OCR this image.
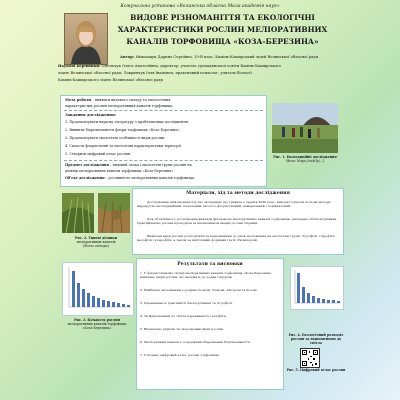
Комунальна установа «Волинська обласна Мала академія наук»
ВИДОВЕ РІЗНОМАНІТТЯ ТА ЕКОЛОГІЧНІ
ХАРАКТЕРИСТИКИ РОСЛИН МЕЛІОРАТИВНИХ
КАНАЛІВ ТОРФОВИЩА «КОЗА-БЕРЕЗИНА»
Автор: Миклащук Дарина Сергіївна, 10-В клас, Камінь-Каширський ліцей Волинської обласної ради
Наукові керівники: Омельчук Ольга Анатоліївна, директор, учитель громадянської освіти Камінь-Каширського
ліцею Волинської обласної ради; Лавринчук Ілля Іванович, практичний психолог, учитель біології
Камінь-Каширського ліцею Волинської обласної ради
Мета роботи – виявити видового складу та екологічних
характеристик рослин меліоративних каналів торфовища.
Завдання дослідження:
1. Проаналізувати наукову літературу з проблематики дослідження.
2. Виявити біорізноманіття флори торфовища «Коза-Березина».
3. Проаналізувати екологічні особливості видів рослин.
4. Скласти флористичні та екологічні характеристики території.
5. Створити цифровий атлас рослин.
Предмет дослідження – видовий склад і екологічні групи рослин на
ділянці меліоративних каналів торфовища «Коза-Березина».
Об'єкт дослідження – рослинність меліоративних каналів торфовища.
Рис. 1. Експедиційні дослідження
(Фото: https://cutt.ly/...)
Матеріали, хід та методи дослідження
Дослідження здійснювали під час експедиції, що тривала з серпня 2020 року, використовуючи польові методи: маршрутно-експедиційний, візуальний, еколого-флористичний, камеральний і порівняльний.
Для об'єктивного дослідження вивчали фітоценози меліоративних каналів торфовища, закладено облікові ділянки. Ідентифікацію рослин проводили за визначником вищих рослин України.
Виявлені види рослин розподіляли за відношенням до умов зволоження на екологічні групи: гігрофіти, гідрофіти, мезофіти і ксерофіти; а також за життєвими формами (за К. Раункієром).
Рис. 2. Типові ділянки
меліоративних каналів
(Фото автора)
Рис. 3. Кількість рослин
меліоративних каналів торфовища
«Коза-Березина»
Результати та висновки
1. У флористичному складі меліоративних каналів торфовища «Коза-Березина» виявлено видів рослин, що належать до родин і відділів.
2. Найбільш чисельними є родини Осокові, Злакові, Айстрові та Розові.
3. Переважають трав'янисті багаторічники та гігрофіти.
4. За відношенням до світла переважають геліофіти.
5. Визначено рідкісні та охоронювані види рослин.
6. Меліоративні канали є осередками збереження біорізноманіття.
7. Створено цифровий атлас рослин торфовища.
Рис. 4. Екологічний розподіл
рослин за відношенням до світла
Рис. 5. Цифровий атлас рослин
